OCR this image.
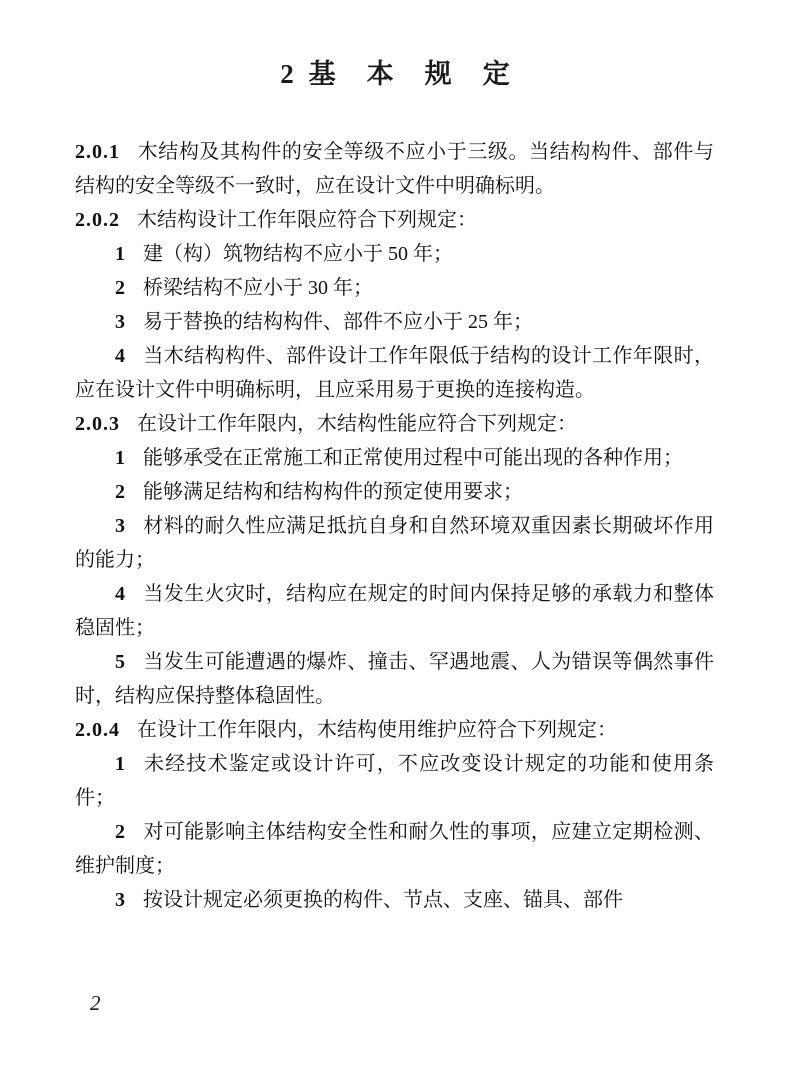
2 基 本 规 定

2.0.1 木结构及其构件的安全等级不应小于三级。当结构构件、部件与结构的安全等级不一致时，应在设计文件中明确标明。

2.0.2 木结构设计工作年限应符合下列规定：

1 建（构）筑物结构不应小于 50 年；

2 桥梁结构不应小于 30 年；

3 易于替换的结构构件、部件不应小于 25 年；

4 当木结构构件、部件设计工作年限低于结构的设计工作年限时，应在设计文件中明确标明，且应采用易于更换的连接构造。

2.0.3 在设计工作年限内，木结构性能应符合下列规定：

1 能够承受在正常施工和正常使用过程中可能出现的各种作用；

2 能够满足结构和结构构件的预定使用要求；

3 材料的耐久性应满足抵抗自身和自然环境双重因素长期破坏作用的能力；

4 当发生火灾时，结构应在规定的时间内保持足够的承载力和整体稳固性；

5 当发生可能遭遇的爆炸、撞击、罕遇地震、人为错误等偶然事件时，结构应保持整体稳固性。

2.0.4 在设计工作年限内，木结构使用维护应符合下列规定：

1 未经技术鉴定或设计许可，不应改变设计规定的功能和使用条件；

2 对可能影响主体结构安全性和耐久性的事项，应建立定期检测、维护制度；

3 按设计规定必须更换的构件、节点、支座、锚具、部件

2
